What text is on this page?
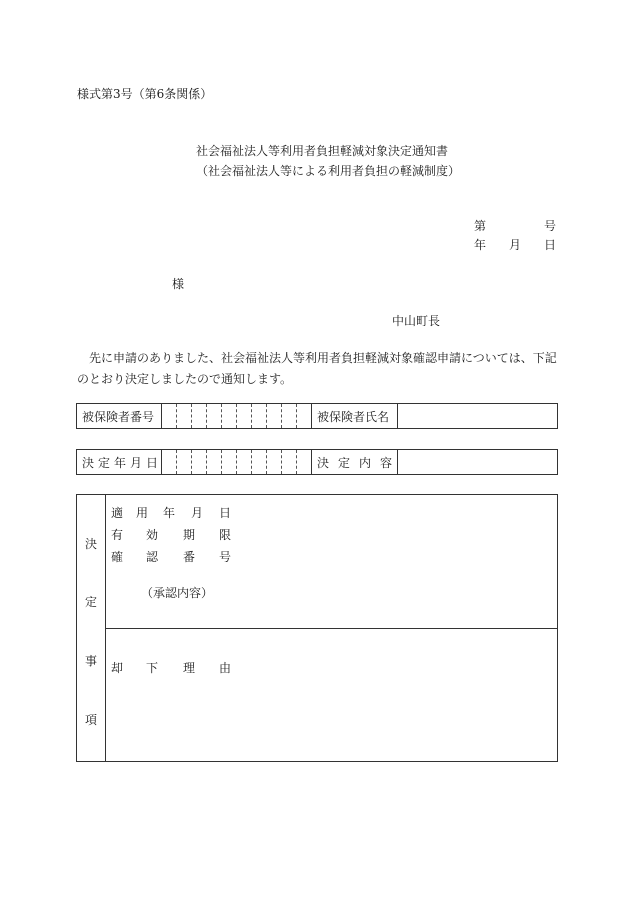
様式第3号（第6条関係）
社会福祉法人等利用者負担軽減対象決定通知書
（社会福祉法人等による利用者負担の軽減制度）
第	号
年 月 日
様
中山町長
先に申請のありました、社会福祉法人等利用者負担軽減対象確認申請については、下記のとおり決定しましたので通知します。
被保険者番号											被保険者氏名	
決定年月日											決定内容	
決
定
事
項
適 用 年 月 日
有 効 期 限
確 認 番 号
（承認内容）
却 下 理 由
